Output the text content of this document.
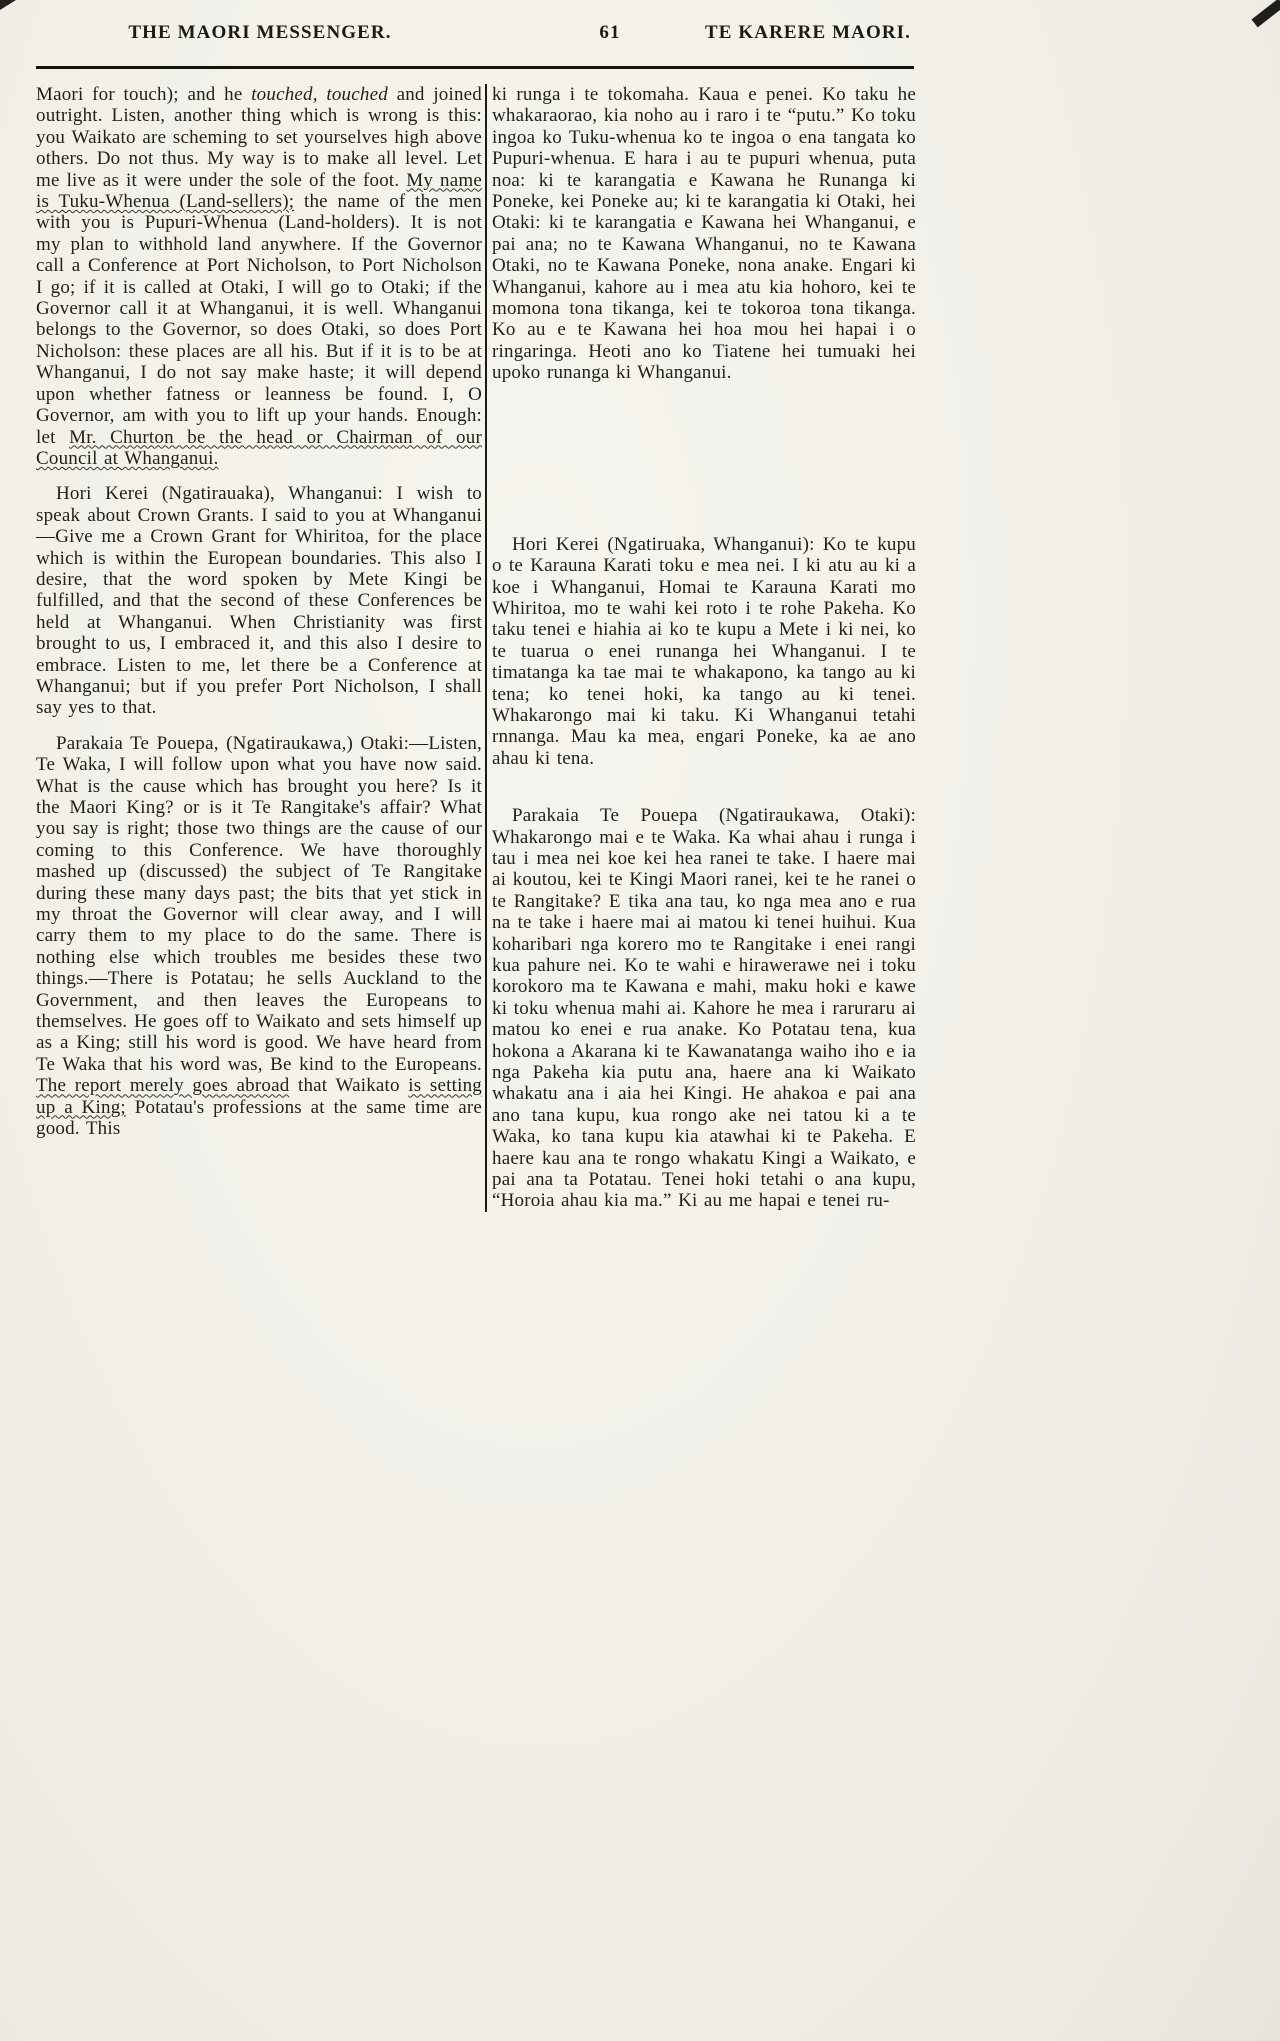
THE MAORI MESSENGER.	61	TE KARERE MAORI.

Maori for touch); and he touched, touched and joined outright. Listen, another thing which is wrong is this: you Waikato are scheming to set yourselves high above others. Do not thus. My way is to make all level. Let me live as it were under the sole of the foot. My name is Tuku-Whenua (Land-sellers); the name of the men with you is Pupuri-Whenua (Land-holders). It is not my plan to withhold land anywhere. If the Governor call a Conference at Port Nicholson, to Port Nicholson I go; if it is called at Otaki, I will go to Otaki; if the Governor call it at Whanganui, it is well. Whanganui belongs to the Governor, so does Otaki, so does Port Nicholson: these places are all his. But if it is to be at Whanganui, I do not say make haste; it will depend upon whether fatness or leanness be found. I, O Governor, am with you to lift up your hands. Enough: let Mr. Churton be the head or Chairman of our Council at Whanganui.

Hori Kerei (Ngatirauaka), Whanganui: I wish to speak about Crown Grants. I said to you at Whanganui—Give me a Crown Grant for Whiritoa, for the place which is within the European boundaries. This also I desire, that the word spoken by Mete Kingi be fulfilled, and that the second of these Conferences be held at Whanganui. When Christianity was first brought to us, I embraced it, and this also I desire to embrace. Listen to me, let there be a Conference at Whanganui; but if you prefer Port Nicholson, I shall say yes to that.

Parakaia Te Pouepa, (Ngatiraukawa,) Otaki:—Listen, Te Waka, I will follow upon what you have now said. What is the cause which has brought you here? Is it the Maori King? or is it Te Rangitake's affair? What you say is right; those two things are the cause of our coming to this Conference. We have thoroughly mashed up (discussed) the subject of Te Rangitake during these many days past; the bits that yet stick in my throat the Governor will clear away, and I will carry them to my place to do the same. There is nothing else which troubles me besides these two things.—There is Potatau; he sells Auckland to the Government, and then leaves the Europeans to themselves. He goes off to Waikato and sets himself up as a King; still his word is good. We have heard from Te Waka that his word was, Be kind to the Europeans. The report merely goes abroad that Waikato is setting up a King; Potatau's professions at the same time are good. This

ki runga i te tokomaha. Kaua e penei. Ko taku he whakaraorao, kia noho au i raro i te “putu.” Ko toku ingoa ko Tuku-whenua ko te ingoa o ena tangata ko Pupuri-whenua. E hara i au te pupuri whenua, puta noa: ki te karangatia e Kawana he Runanga ki Poneke, kei Poneke au; ki te karangatia ki Otaki, hei Otaki: ki te karangatia e Kawana hei Whanganui, e pai ana; no te Kawana Whanganui, no te Kawana Otaki, no te Kawana Poneke, nona anake. Engari ki Whanganui, kahore au i mea atu kia hohoro, kei te momona tona tikanga, kei te tokoroa tona tikanga. Ko au e te Kawana hei hoa mou hei hapai i o ringaringa. Heoti ano ko Tiatene hei tumuaki hei upoko runanga ki Whanganui.

Hori Kerei (Ngatiruaka, Whanganui): Ko te kupu o te Karauna Karati toku e mea nei. I ki atu au ki a koe i Whanganui, Homai te Karauna Karati mo Whiritoa, mo te wahi kei roto i te rohe Pakeha. Ko taku tenei e hiahia ai ko te kupu a Mete i ki nei, ko te tuarua o enei runanga hei Whanganui. I te timatanga ka tae mai te whakapono, ka tango au ki tena; ko tenei hoki, ka tango au ki tenei. Whakarongo mai ki taku. Ki Whanganui tetahi rnnanga. Mau ka mea, engari Poneke, ka ae ano ahau ki tena.

Parakaia Te Pouepa (Ngatiraukawa, Otaki): Whakarongo mai e te Waka. Ka whai ahau i runga i tau i mea nei koe kei hea ranei te take. I haere mai ai koutou, kei te Kingi Maori ranei, kei te he ranei o te Rangitake? E tika ana tau, ko nga mea ano e rua na te take i haere mai ai matou ki tenei huihui. Kua koharibari nga korero mo te Rangitake i enei rangi kua pahure nei. Ko te wahi e hirawerawe nei i toku korokoro ma te Kawana e mahi, maku hoki e kawe ki toku whenua mahi ai. Kahore he mea i raruraru ai matou ko enei e rua anake. Ko Potatau tena, kua hokona a Akarana ki te Kawanatanga waiho iho e ia nga Pakeha kia putu ana, haere ana ki Waikato whakatu ana i aia hei Kingi. He ahakoa e pai ana ano tana kupu, kua rongo ake nei tatou ki a te Waka, ko tana kupu kia atawhai ki te Pakeha. E haere kau ana te rongo whakatu Kingi a Waikato, e pai ana ta Potatau. Tenei hoki tetahi o ana kupu, “Horoia ahau kia ma.” Ki au me hapai e tenei ru-
